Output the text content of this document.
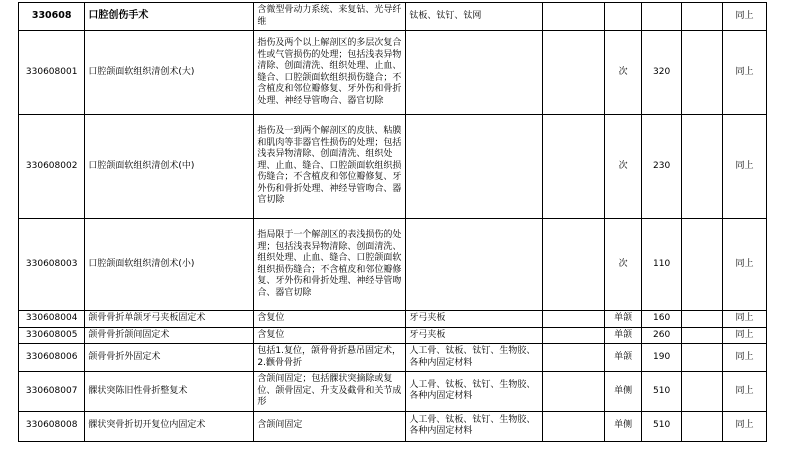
330608	口腔创伤手术	含微型骨动力系统、来复钻、光导纤维	钛板、钛钉、钛网					同上
330608001	口腔颌面软组织清创术(大)	指伤及两个以上解剖区的多层次复合性或气管损伤的处理；包括浅表异物清除、创面清洗、组织处理、止血、缝合、口腔颌面软组织损伤缝合；不含植皮和邻位瓣修复、牙外伤和骨折处理、神经导管吻合、器官切除			次	320		同上
330608002	口腔颌面软组织清创术(中)	指伤及一到两个解剖区的皮肤、粘膜和肌肉等非器官性损伤的处理；包括浅表异物清除、创面清洗、组织处理、止血、缝合、口腔颌面软组织损伤缝合；不含植皮和邻位瓣修复、牙外伤和骨折处理、神经导管吻合、器官切除			次	230		同上
330608003	口腔颌面软组织清创术(小)	指局限于一个解剖区的表浅损伤的处理；包括浅表异物清除、创面清洗、组织处理、止血、缝合、口腔颌面软组织损伤缝合；不含植皮和邻位瓣修复、牙外伤和骨折处理、神经导管吻合、器官切除			次	110		同上
330608004	颌骨骨折单颌牙弓夹板固定术	含复位	牙弓夹板		单颌	160		同上
330608005	颌骨骨折颌间固定术	含复位	牙弓夹板		单颌	260		同上
330608006	颌骨骨折外固定术	包括1.复位，颌骨骨折悬吊固定术，2.颧骨骨折	人工骨、钛板、钛钉、生物胶、各种内固定材料		单颌	190		同上
330608007	髁状突陈旧性骨折整复术	含颌间固定；包括髁状突摘除或复位、颌骨固定、升支及截骨和关节成形	人工骨、钛板、钛钉、生物胶、各种内固定材料		单侧	510		同上
330608008	髁状突骨折切开复位内固定术	含颌间固定	人工骨、钛板、钛钉、生物胶、各种内固定材料		单侧	510		同上
